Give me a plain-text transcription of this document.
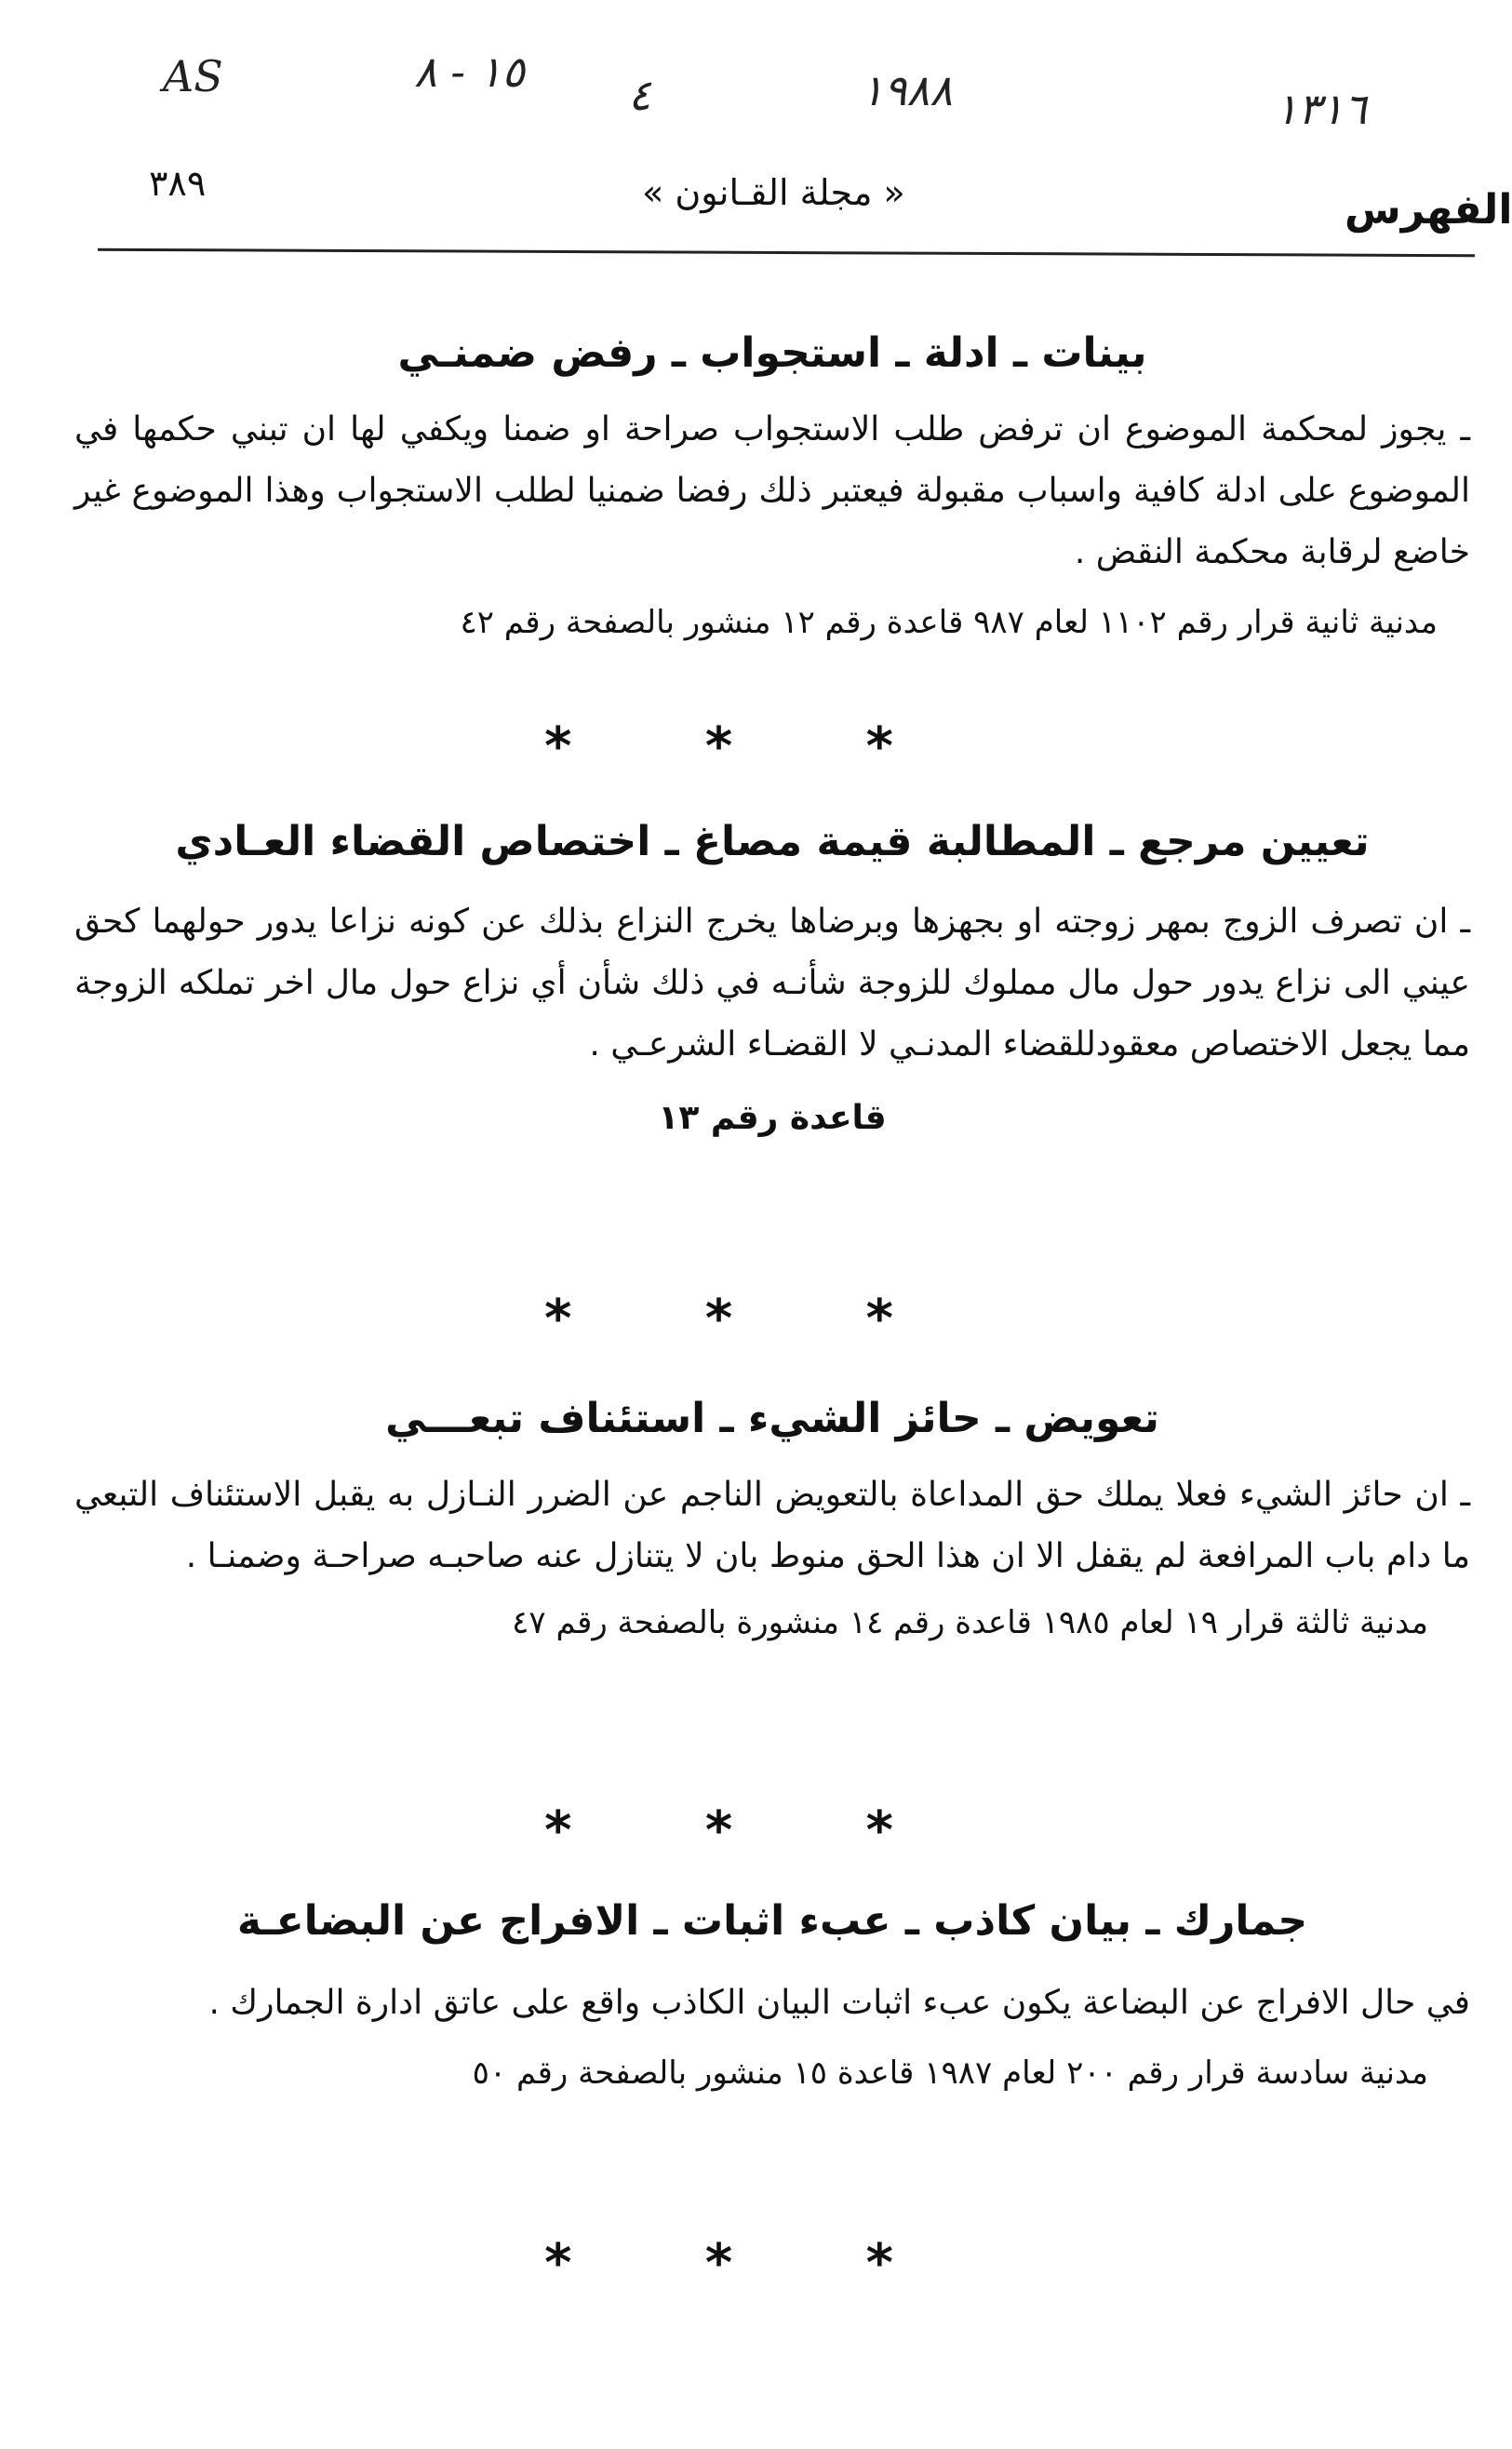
AS	١٥ - ٨ ٤	١٩٨٨	١٣١٦
٣٨٩	« مجلة القـانون »	الفهرس
بينات ـ ادلة ـ استجواب ـ رفض ضمنـي

ـ يجوز لمحكمة الموضوع ان ترفض طلب الاستجواب صراحة او ضمنا ويكفي لها ان تبني حكمها في الموضوع على ادلة كافية واسباب مقبولة فيعتبر ذلك رفضا ضمنيا لطلب الاستجواب وهذا الموضوع غير خاضع لرقابة محكمة النقض .

مدنية ثانية قرار رقم ١١٠٢ لعام ٩٨٧ قاعدة رقم ١٢ منشور بالصفحة رقم ٤٢

* * *
تعيين مرجع ـ المطالبة قيمة مصاغ ـ اختصاص القضاء العـادي

ـ ان تصرف الزوج بمهر زوجته او بجهزها وبرضاها يخرج النزاع بذلك عن كونه نزاعا يدور حولهما كحق عيني الى نزاع يدور حول مال مملوك للزوجة شأنـه في ذلك شأن أي نزاع حول مال اخر تملكه الزوجة مما يجعل الاختصاص معقودللقضاء المدنـي لا القضـاء الشرعـي .

قاعدة رقم ١٣

* * *
تعويض ـ حائز الشيء ـ استئناف تبعـــي

ـ ان حائز الشيء فعلا يملك حق المداعاة بالتعويض الناجم عن الضرر النـازل به يقبل الاستئناف التبعي ما دام باب المرافعة لم يقفل الا ان هذا الحق منوط بان لا يتنازل عنه صاحبـه صراحـة وضمنـا .

مدنية ثالثة قرار ١٩ لعام ١٩٨٥ قاعدة رقم ١٤ منشورة بالصفحة رقم ٤٧

* * *
جمارك ـ بيان كاذب ـ عبء اثبات ـ الافراج عن البضاعـة

في حال الافراج عن البضاعة يكون عبء اثبات البيان الكاذب واقع على عاتق ادارة الجمارك .

مدنية سادسة قرار رقم ٢٠٠ لعام ١٩٨٧ قاعدة ١٥ منشور بالصفحة رقم ٥٠

* * *
